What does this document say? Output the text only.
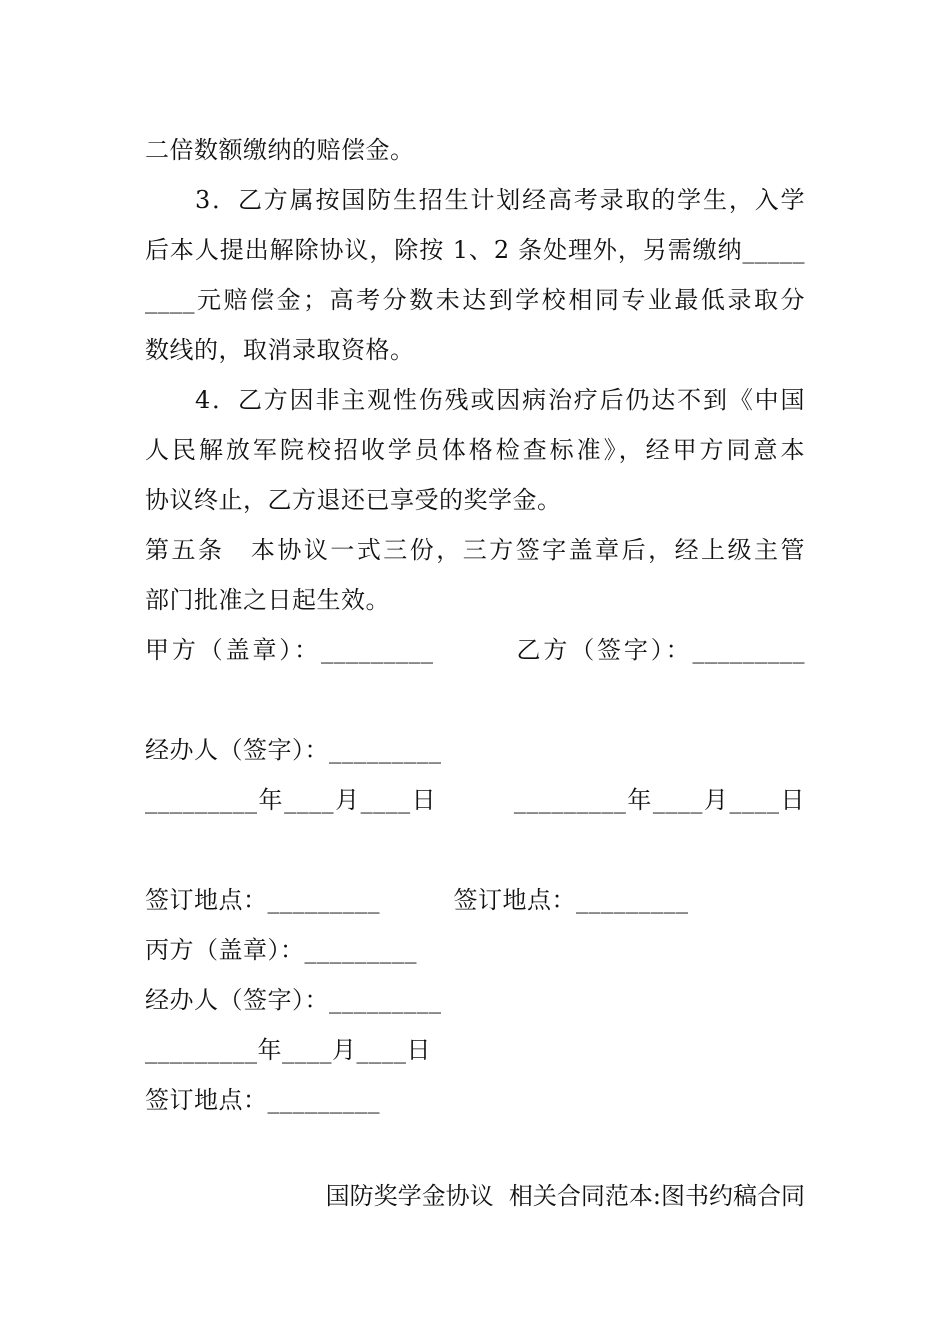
二倍数额缴纳的赔偿金。
3．乙方属按国防生招生计划经高考录取的学生，入学
后本人提出解除协议，除按 1、2 条处理外，另需缴纳_____
____元赔偿金；高考分数未达到学校相同专业最低录取分
数线的，取消录取资格。
4．乙方因非主观性伤残或因病治疗后仍达不到《中国
人民解放军院校招收学员体格检查标准》，经甲方同意本
协议终止，乙方退还已享受的奖学金。
第五条　本协议一式三份，三方签字盖章后，经上级主管
部门批准之日起生效。
甲方（盖章）：_________　　　乙方（签字）：_________
经办人（签字）：_________
_________年____月____日　　　_________年____月____日
签订地点：_________　　　签订地点：_________
丙方（盖章）：_________
经办人（签字）：_________
_________年____月____日
签订地点：_________
国防奖学金协议  相关合同范本:图书约稿合同
